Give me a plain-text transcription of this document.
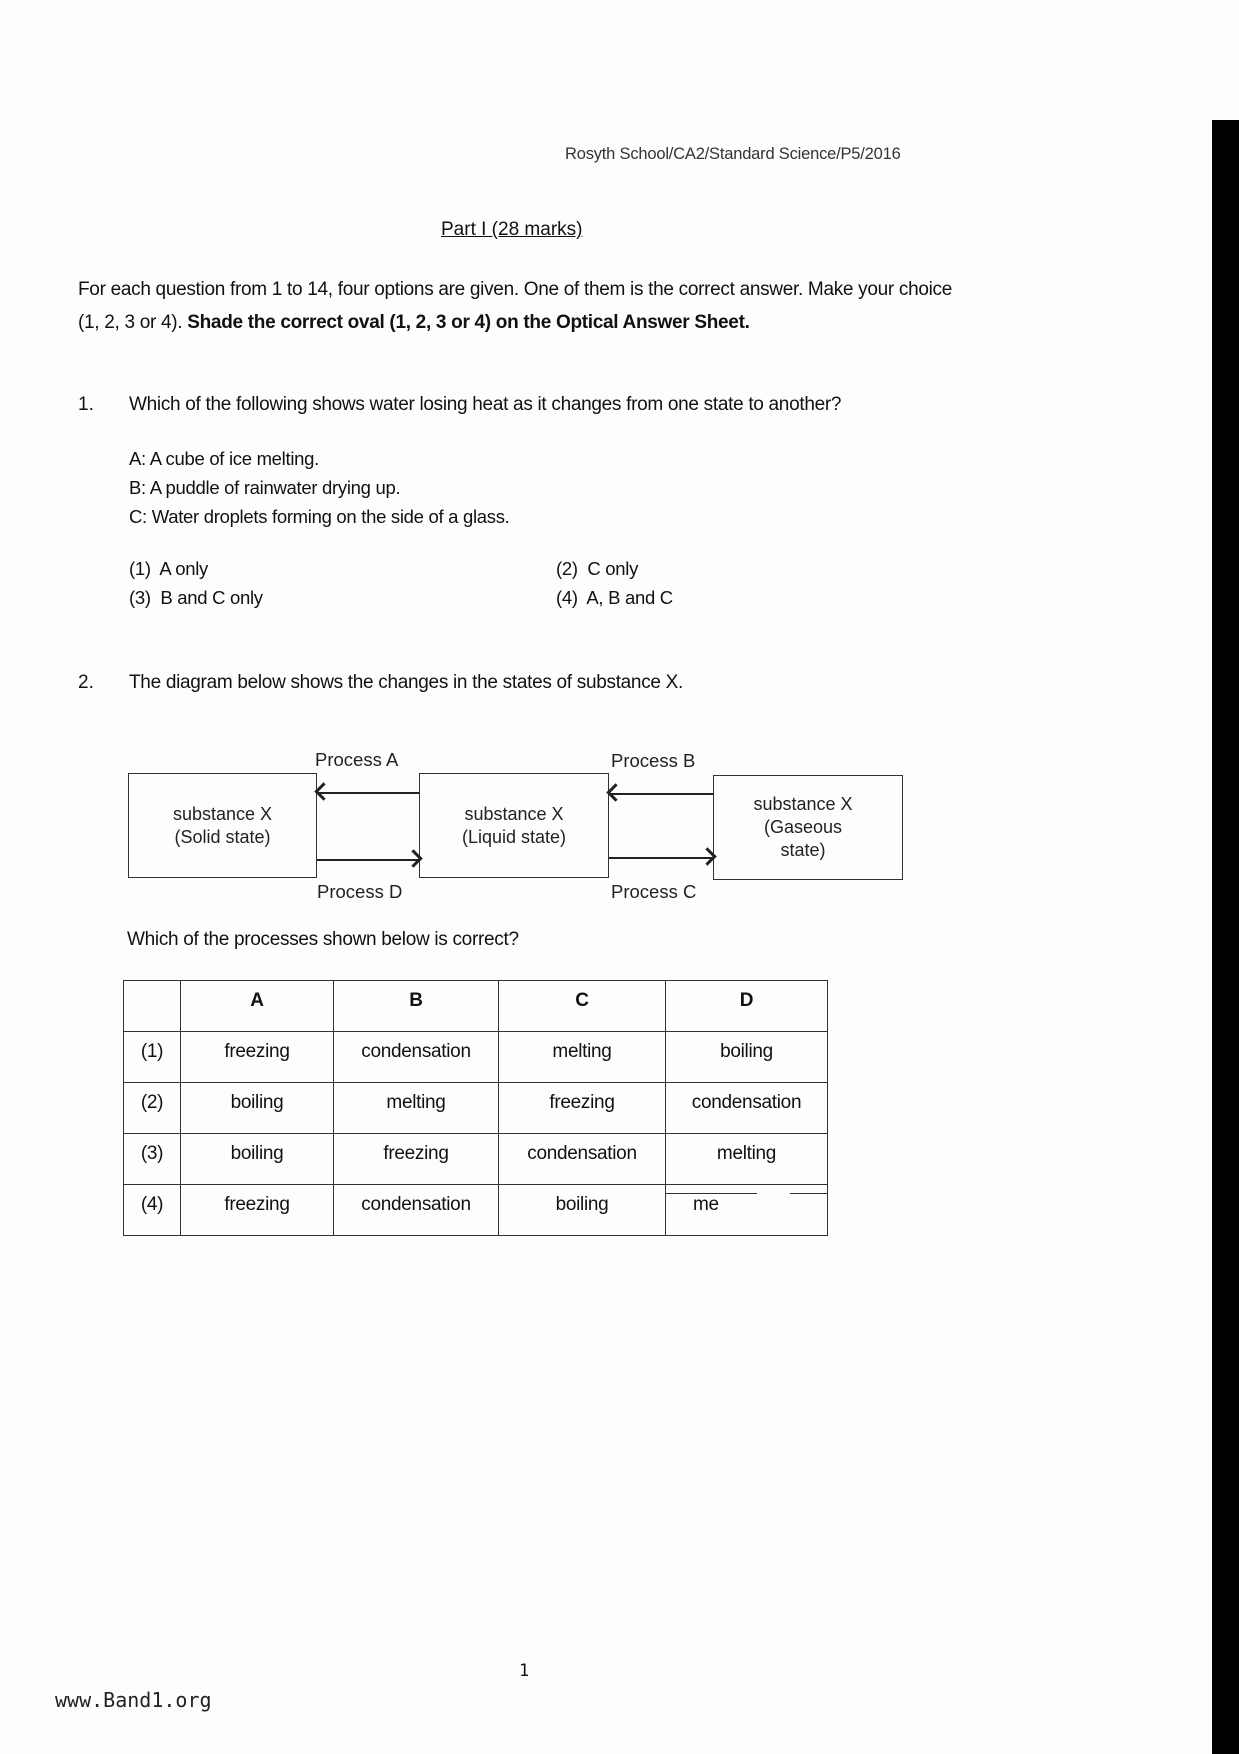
Rosyth School/CA2/Standard Science/P5/2016
Part I (28 marks)
For each question from 1 to 14, four options are given. One of them is the correct answer. Make your choice (1, 2, 3 or 4). Shade the correct oval (1, 2, 3 or 4) on the Optical Answer Sheet.
1. Which of the following shows water losing heat as it changes from one state to another?
A: A cube of ice melting.
B: A puddle of rainwater drying up.
C: Water droplets forming on the side of a glass.
(1) A only	(2) C only
(3) B and C only	(4) A, B and C
2. The diagram below shows the changes in the states of substance X.
substance X
(Solid state)
substance X
(Liquid state)
substance X
(Gaseous
state)
Process A	Process B
Process C
Process D
Which of the processes shown below is correct?
	A	B	C	D
(1)	freezing	condensation	melting	boiling
(2)	boiling	melting	freezing	condensation
(3)	boiling	freezing	condensation	melting
(4)	freezing	condensation	boiling	me
1
www.Band1.org
